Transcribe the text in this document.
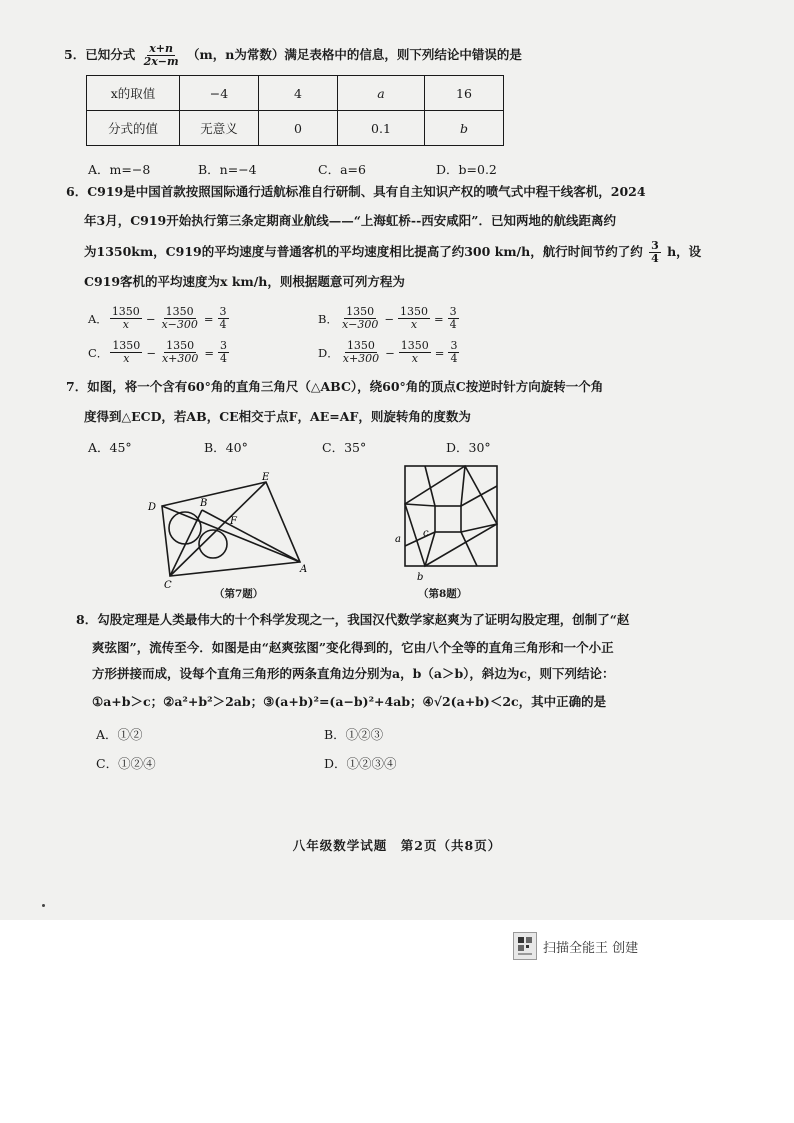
5．已知分式 $\frac{x+n}{2x-m} (m$，n为常数）满足表格中的信息，则下列结论中错误的是
x的取值	−4	4	a	16
分式的值	无意义	0	0.1	b
A．m=−8	B．n=−4	C．a=6	D．b=0.2
6．C919是中国首款按照国际通行适航标准自行研制、具有自主知识产权的喷气式中程干线客机，2024
年3月，C919开始执行第三条定期商业航线——“上海虹桥--西安咸阳”．已知两地的航线距离约
为1350km，C919的平均速度与普通客机的平均速度相比提高了约300 km/h，航行时间节约了约 $\frac{3}{4}$ h，设
C919客机的平均速度为x km/h，则根据题意可列方程为
A． $\frac{1350}{x} - \frac{1350}{x-300} = \frac{3}{4}$	B． $\frac{1350}{x-300} - \frac{1350}{x} = \frac{3}{4}$
C． $\frac{1350}{x} - \frac{1350}{x+300} = \frac{3}{4}$	D． $\frac{1350}{x+300} - \frac{1350}{x} = \frac{3}{4}$
7．如图，将一个含有60°角的直角三角尺（△ABC），绕60°角的顶点C按逆时针方向旋转一个角
度得到△ECD，若AB，CE相交于点F，AE=AF，则旋转角的度数为
A．45°	B．40°	C．35°	D．30°
D
E
B
F
C
A
（第7题）
a
c
b
（第8题）
8．勾股定理是人类最伟大的十个科学发现之一，我国汉代数学家赵爽为了证明勾股定理，创制了“赵
爽弦图”，流传至今．如图是由“赵爽弦图”变化得到的，它由八个全等的直角三角形和一个小正
方形拼接而成，设每个直角三角形的两条直角边分别为a，b（a＞b），斜边为c，则下列结论：
①a+b＞c；②a²+b²＞2ab；③(a+b)²=(a−b)²+4ab；④√2(a+b)＜2c，其中正确的是
A．①②	B．①②③
C．①②④	D．①②③④
八年级数学试题　第2页（共8页）
扫描全能王 创建
